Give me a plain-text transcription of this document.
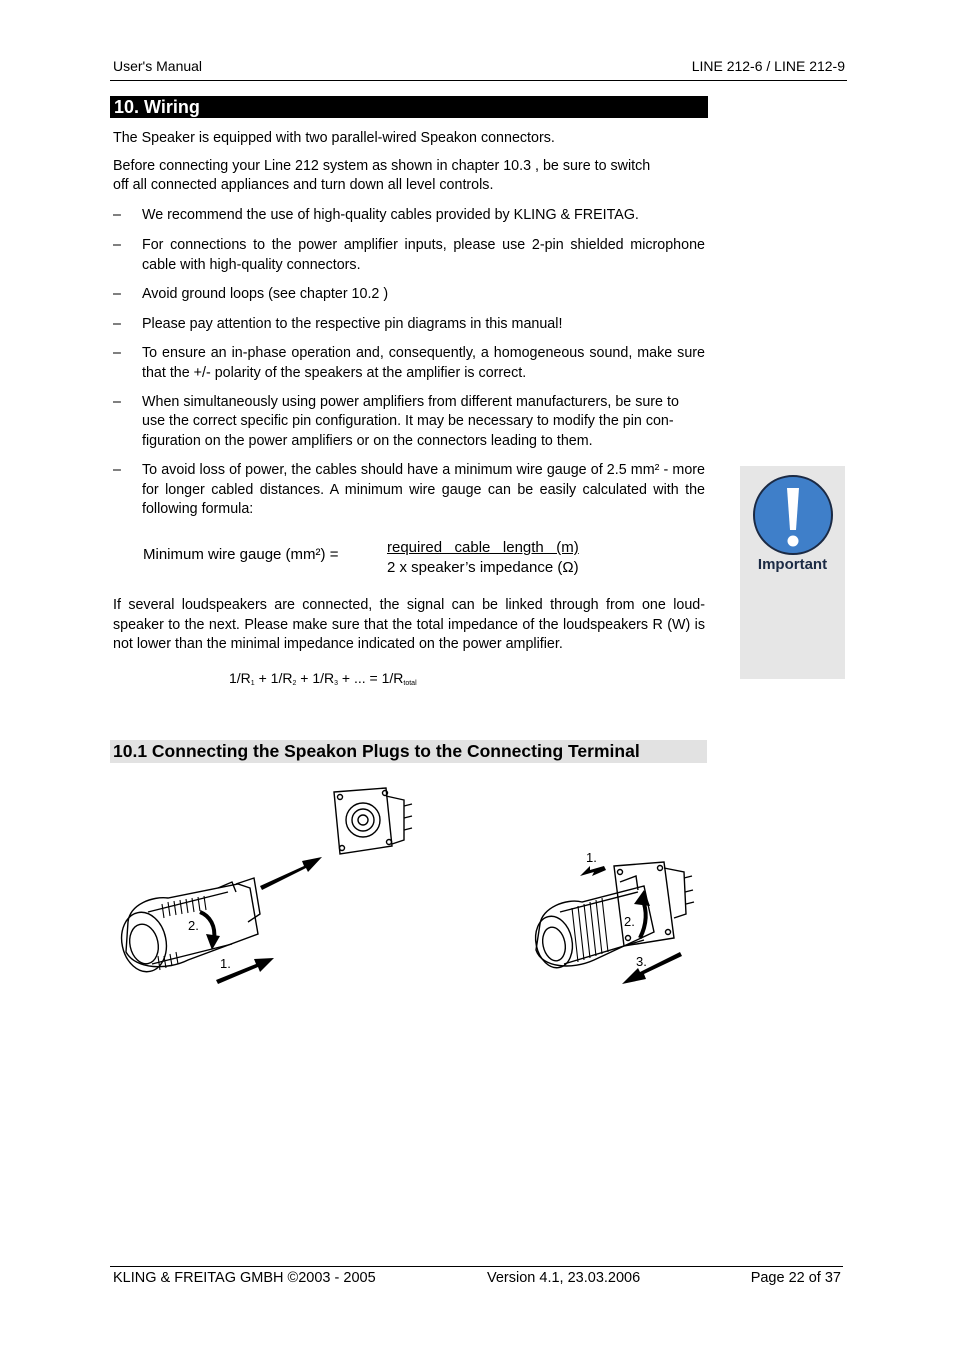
User's Manual	LINE 212-6 / LINE 212-9
10. Wiring
The Speaker is equipped with two parallel-wired Speakon connectors.
Before connecting your Line 212 system as shown in chapter 10.3 , be sure to switch
off all connected appliances and turn down all level controls.
– We recommend the use of high-quality cables provided by KLING & FREITAG.
– For connections to the power amplifier inputs, please use 2-pin shielded microphone cable with high-quality connectors.
– Avoid ground loops (see chapter 10.2 )
– Please pay attention to the respective pin diagrams in this manual!
– To ensure an in-phase operation and, consequently, a homogeneous sound, make sure that the +/- polarity of the speakers at the amplifier is correct.
– When simultaneously using power amplifiers from different manufacturers, be sure to
use the correct specific pin configuration. It may be necessary to modify the pin con-
figuration on the power amplifiers or on the connectors leading to them.
– To avoid loss of power, the cables should have a minimum wire gauge of 2.5 mm² - more for longer cabled distances. A minimum wire gauge can be easily calculated with the following formula:
Minimum wire gauge (mm²) =	required   cable   length   (m)
2 x speaker’s impedance (Ω)
If several loudspeakers are connected, the signal can be linked through from one loud-speaker to the next. Please make sure that the total impedance of the loudspeakers R (W) is not lower than the minimal impedance indicated on the power amplifier.
$1/R_1 + 1/R_2 + 1/R_3$ + ... = $1/R_{total}$
Important
10.1 Connecting the Speakon Plugs to the Connecting Terminal
2.
1.
1.
2.
3.
KLING & FREITAG GMBH ©2003 - 2005	Version 4.1, 23.03.2006	Page 22 of 37
